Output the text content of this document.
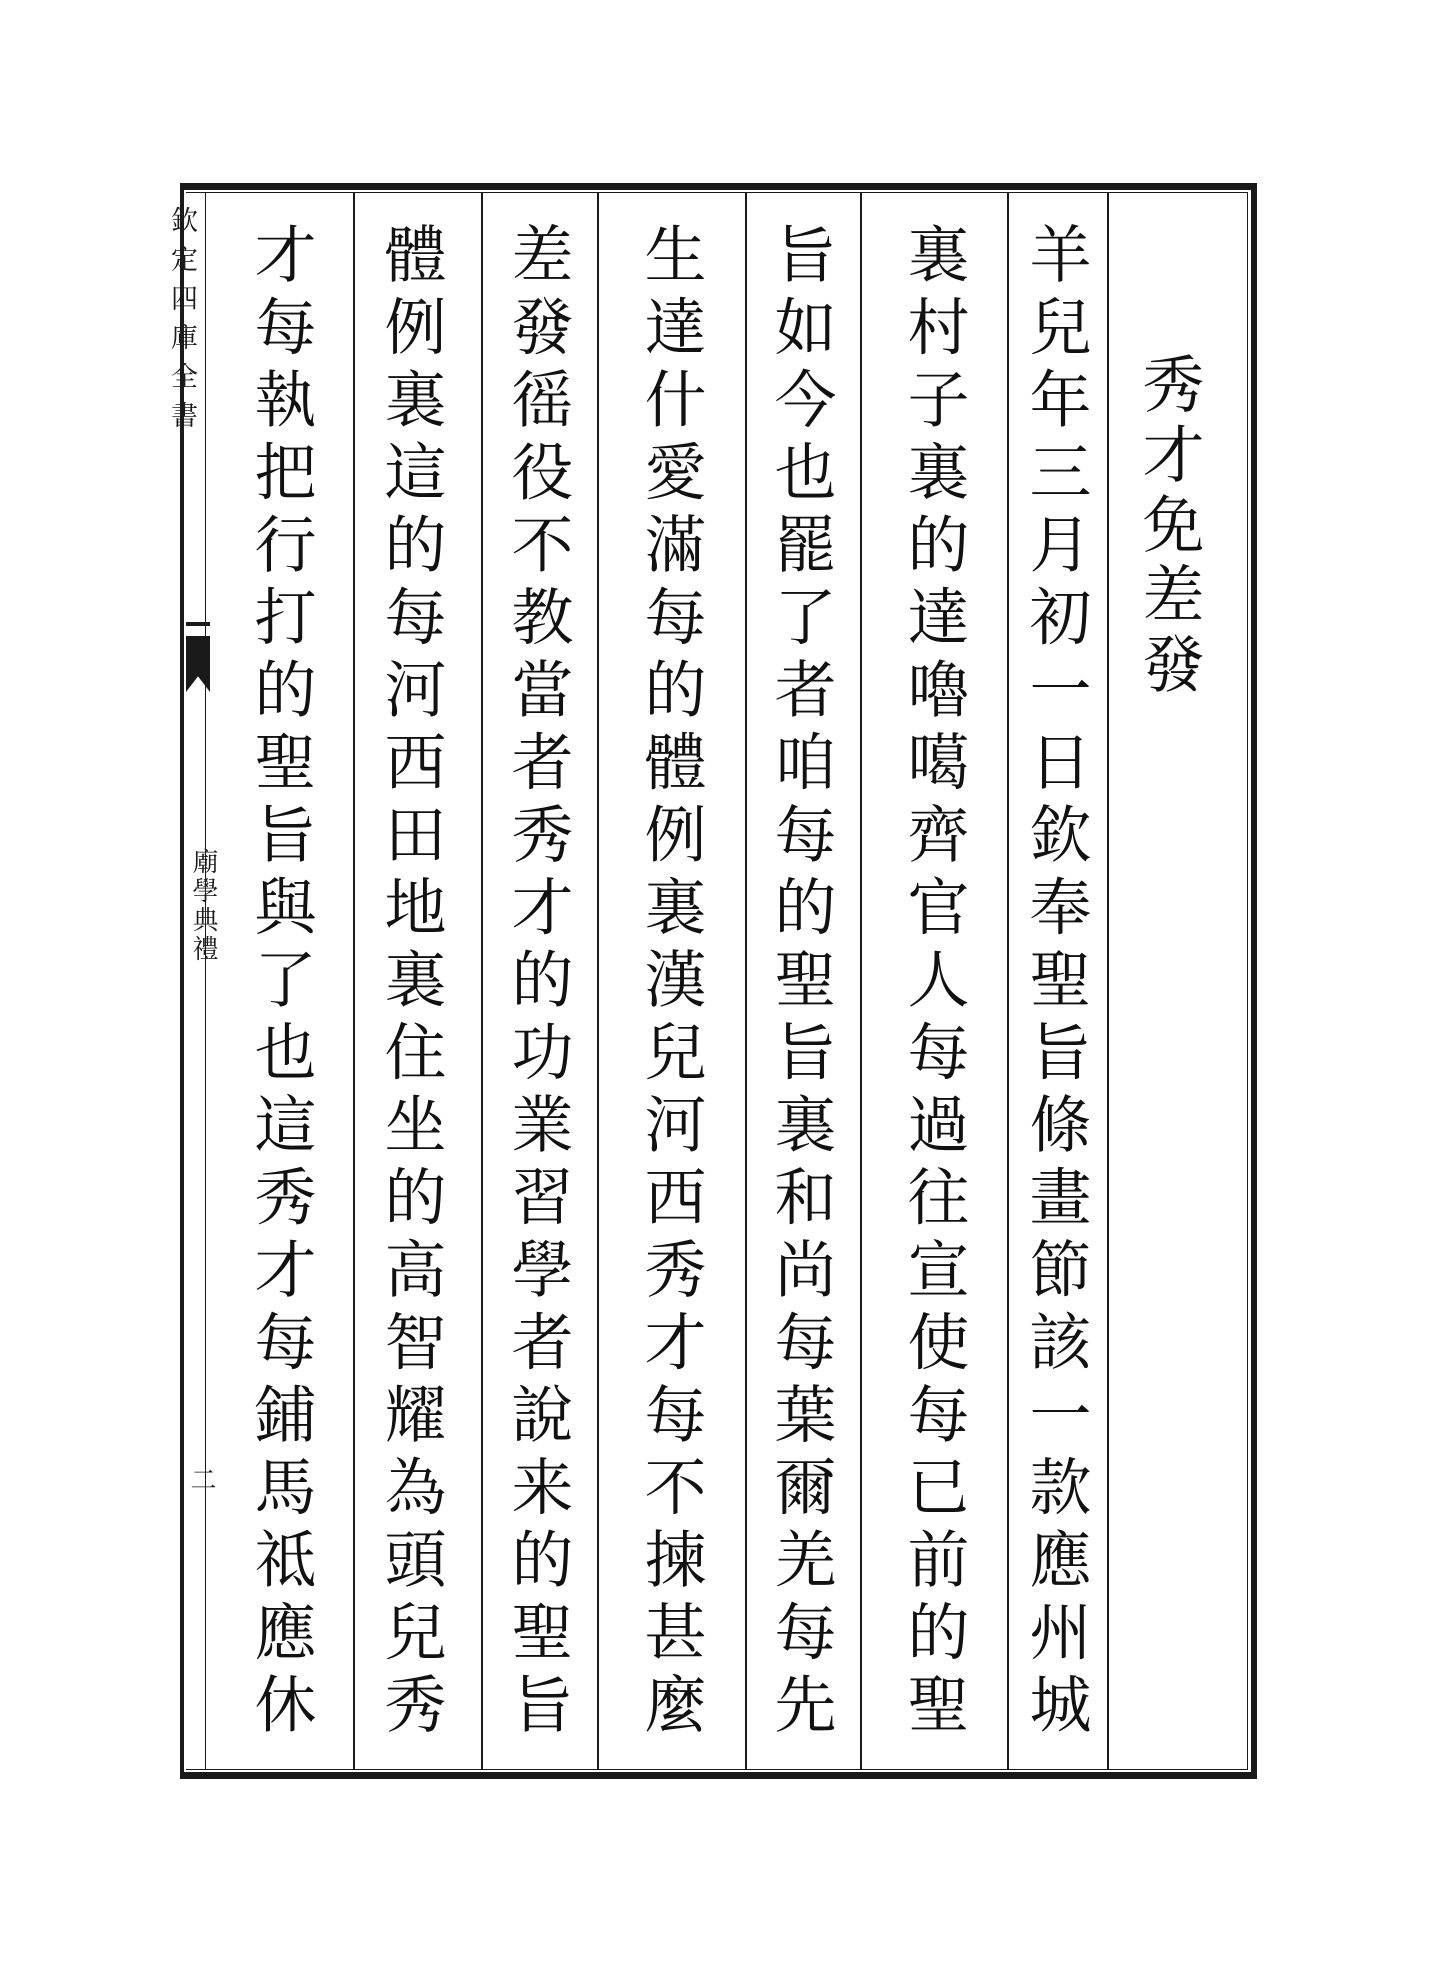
欽定四庫全書
廟學典禮
二
秀才免差發
羊兒年三月初一日欽奉聖旨條畫節該一款應州城
裏村子裏的達嚕噶齊官人每過往宣使每已前的聖
旨如今也罷了者咱每的聖旨裏和尚每葉爾羌每先
生達什愛滿每的體例裏漢兒河西秀才每不揀甚麼
差發徭役不教當者秀才的功業習學者說来的聖旨
體例裏這的每河西田地裏住坐的高智耀為頭兒秀
才每執把行打的聖旨與了也這秀才每鋪馬祗應休
